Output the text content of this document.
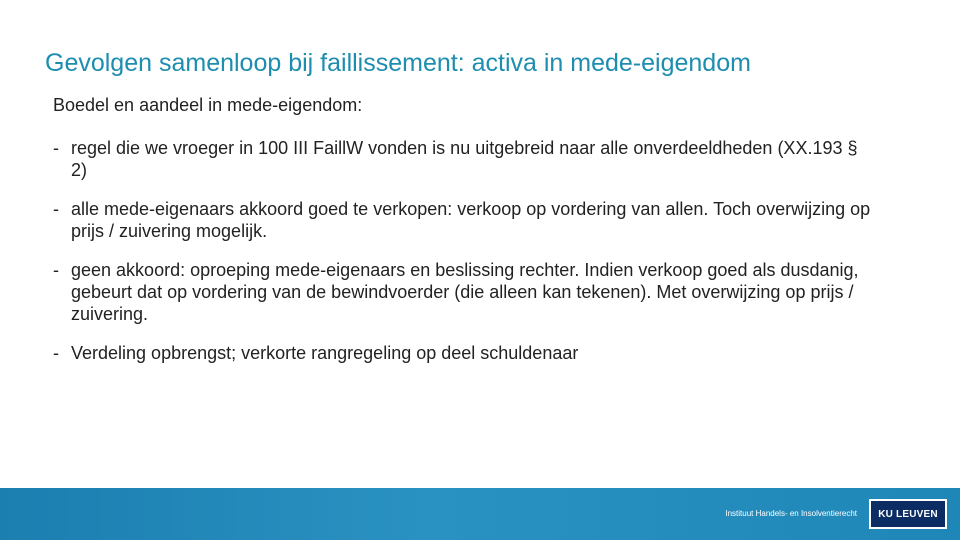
Gevolgen samenloop bij faillissement: activa in mede-eigendom
Boedel en aandeel in mede-eigendom:
- regel die we vroeger in 100 III FaillW vonden is nu uitgebreid naar alle onverdeeldheden (XX.193 § 2)
- alle mede-eigenaars akkoord goed te verkopen: verkoop op vordering van allen. Toch overwijzing op prijs / zuivering mogelijk.
- geen akkoord: oproeping mede-eigenaars en beslissing rechter. Indien verkoop goed als dusdanig, gebeurt dat op vordering van de bewindvoerder (die alleen kan tekenen). Met overwijzing op prijs / zuivering.
- Verdeling opbrengst; verkorte rangregeling op deel schuldenaar
Instituut Handels- en Insolventierecht KU LEUVEN
